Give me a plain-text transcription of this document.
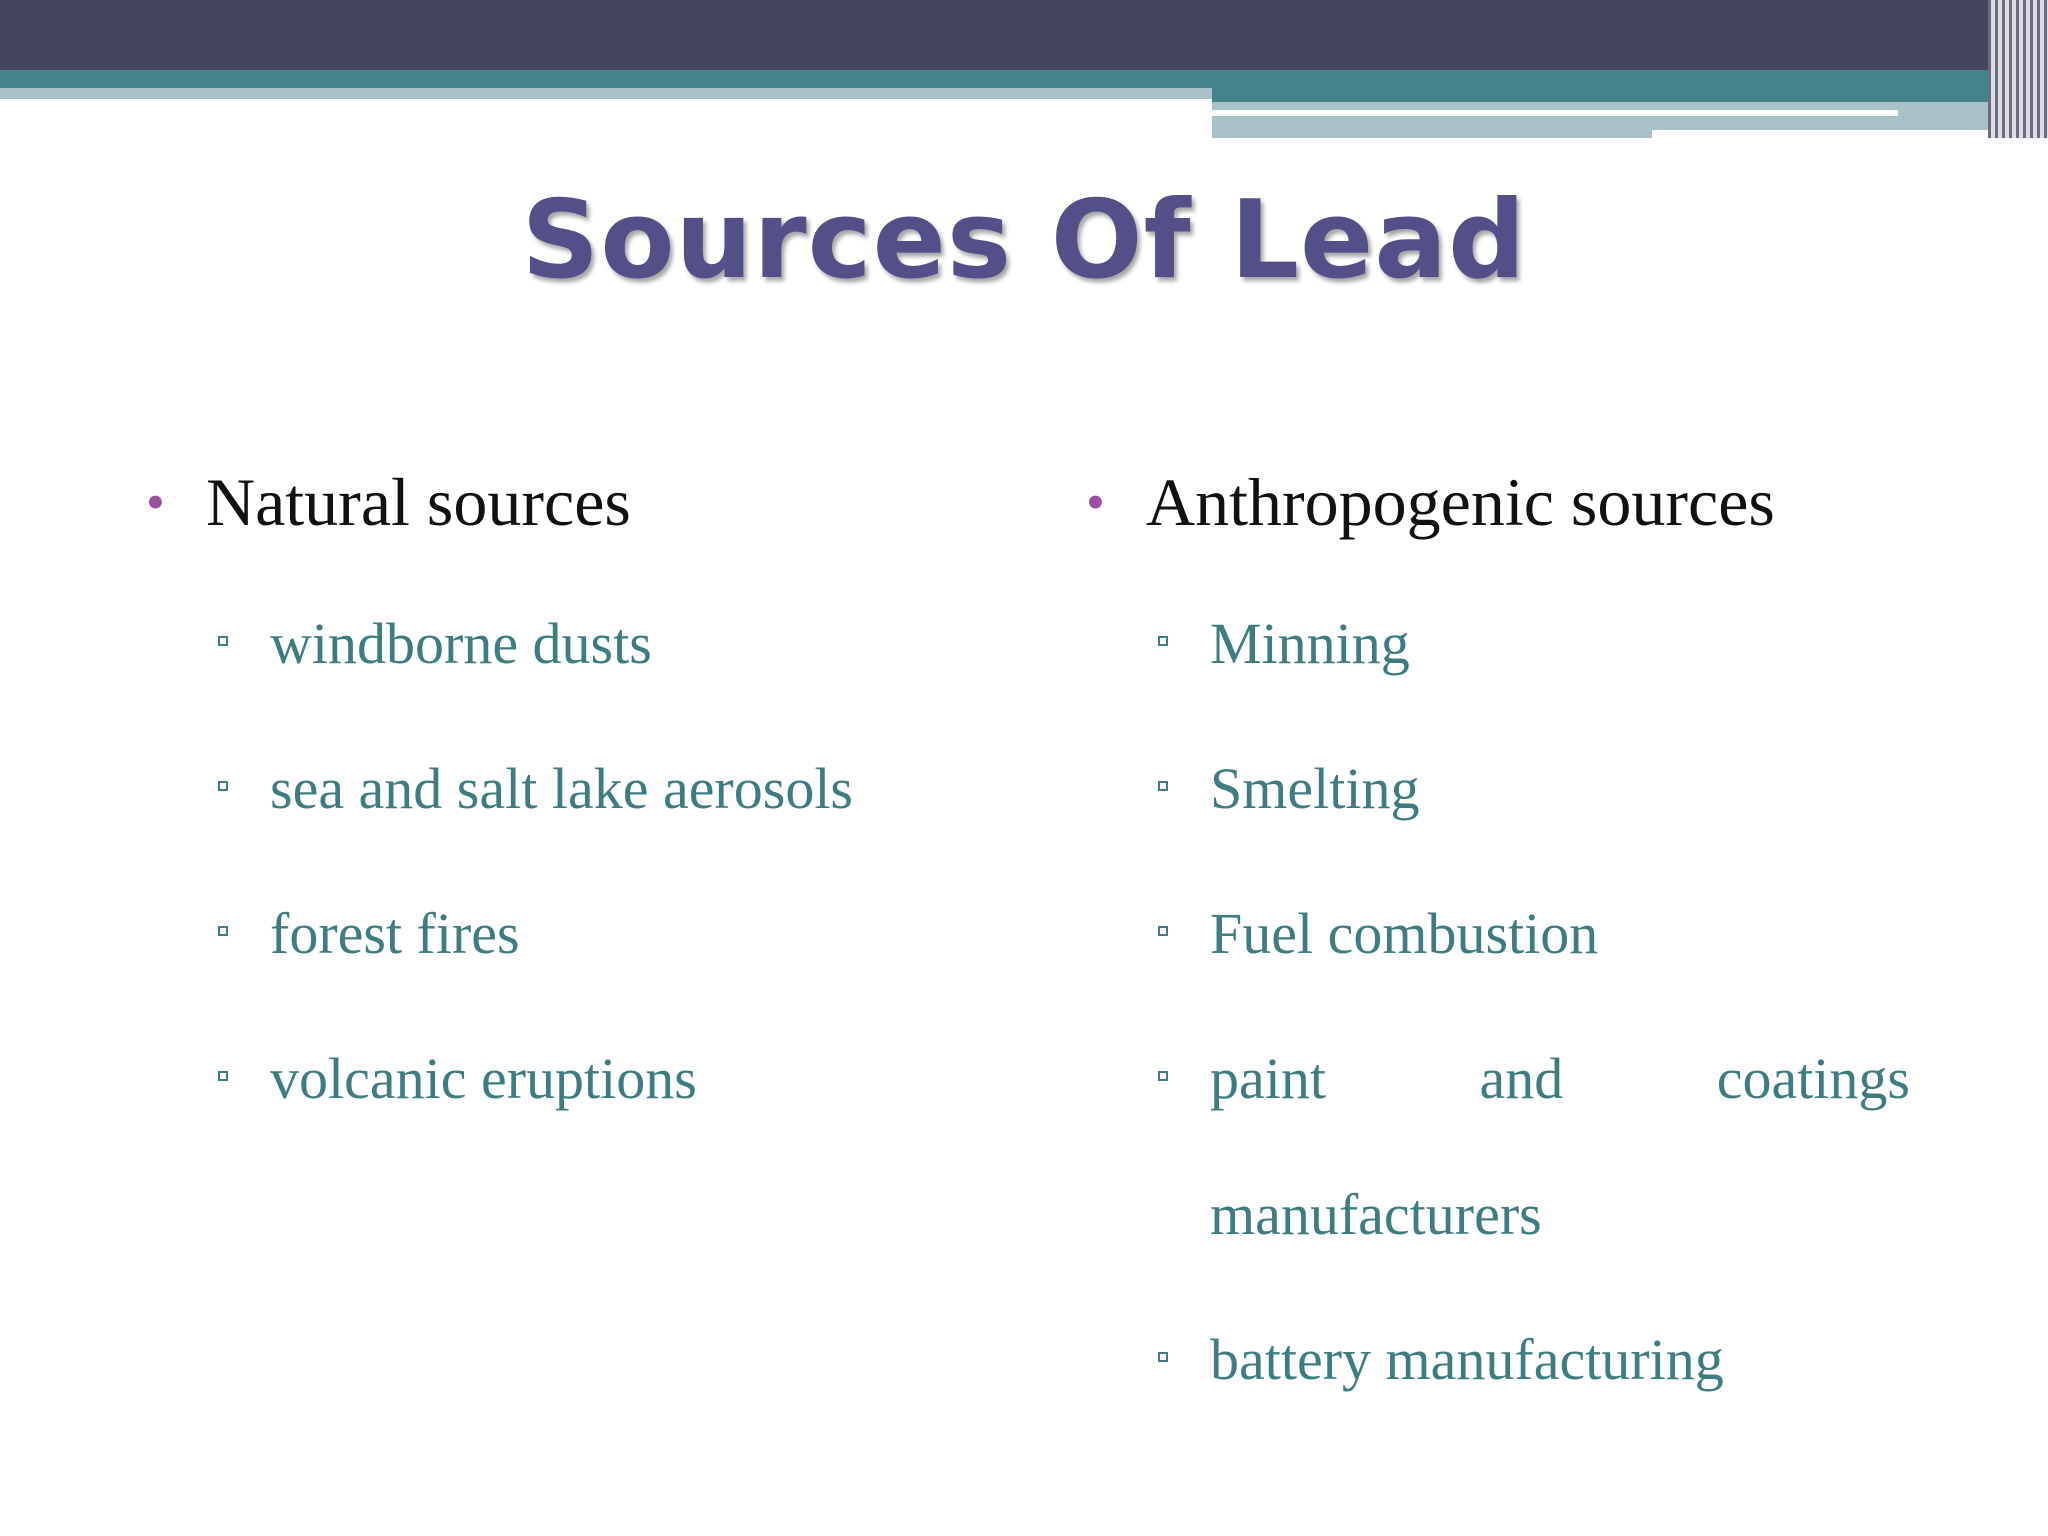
Sources Of Lead
• Natural sources
windborne dusts
sea and salt lake aerosols
forest fires
volcanic eruptions
• Anthropogenic sources
Minning
Smelting
Fuel combustion
paint	and	coatings
manufacturers
battery manufacturing
